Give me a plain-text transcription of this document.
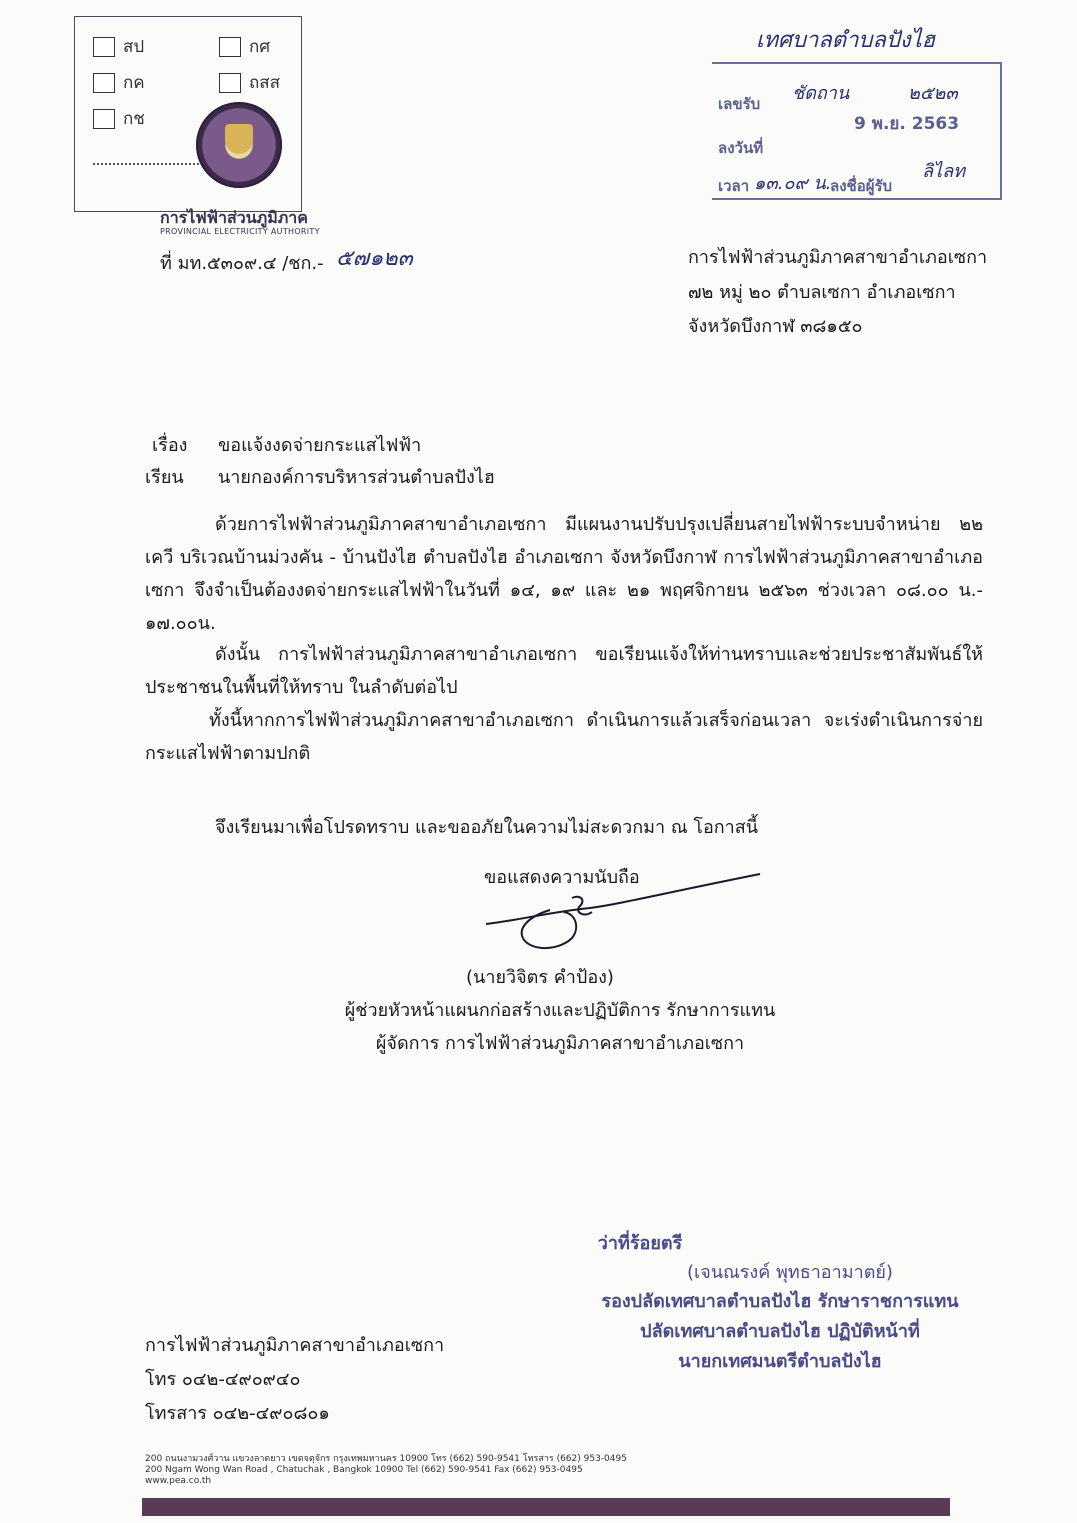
สป	กศ
กค	ถสส
กช
การไฟฟ้าส่วนภูมิภาค
PROVINCIAL ELECTRICITY AUTHORITY
ที่ มท.๕๓๐๙.๔ /ชก.- ๕๗๑๒๓
เทศบาลตำบลปังไฮ
เลขรับ ชัดถาน	๒๕๒๓
ลงวันที่
9 พ.ย. 2563
เวลา ๑๓.๐๙ น.
ลงชื่อผู้รับ
ลิไลท
การไฟฟ้าส่วนภูมิภาคสาขาอำเภอเซกา
๗๒ หมู่ ๒๐ ตำบลเซกา อำเภอเซกา
จังหวัดบึงกาฬ ๓๘๑๕๐
เรื่อง ขอแจ้งงดจ่ายกระแสไฟฟ้า
เรียน นายกองค์การบริหารส่วนตำบลปังไฮ
ด้วยการไฟฟ้าส่วนภูมิภาคสาขาอำเภอเซกา มีแผนงานปรับปรุงเปลี่ยนสายไฟฟ้าระบบจำหน่าย ๒๒ เควี บริเวณบ้านม่วงคัน - บ้านปังไฮ ตำบลปังไฮ อำเภอเซกา จังหวัดบึงกาฬ การไฟฟ้าส่วนภูมิภาคสาขาอำเภอเซกา จึงจำเป็นต้องงดจ่ายกระแสไฟฟ้าในวันที่ ๑๔, ๑๙ และ ๒๑ พฤศจิกายน ๒๕๖๓ ช่วงเวลา ๐๘.๐๐ น.- ๑๗.๐๐น.
ดังนั้น การไฟฟ้าส่วนภูมิภาคสาขาอำเภอเซกา ขอเรียนแจ้งให้ท่านทราบและช่วยประชาสัมพันธ์ให้ประชาชนในพื้นที่ให้ทราบ ในลำดับต่อไป
ทั้งนี้หากการไฟฟ้าส่วนภูมิภาคสาขาอำเภอเซกา ดำเนินการแล้วเสร็จก่อนเวลา จะเร่งดำเนินการจ่ายกระแสไฟฟ้าตามปกติ
จึงเรียนมาเพื่อโปรดทราบ และขออภัยในความไม่สะดวกมา ณ โอกาสนี้
ขอแสดงความนับถือ
(นายวิจิตร คำป้อง)
ผู้ช่วยหัวหน้าแผนกก่อสร้างและปฏิบัติการ รักษาการแทน
ผู้จัดการ การไฟฟ้าส่วนภูมิภาคสาขาอำเภอเซกา
ว่าที่ร้อยตรี
(เจนณรงค์ พุทธาอามาตย์)
รองปลัดเทศบาลตำบลปังไฮ รักษาราชการแทน
ปลัดเทศบาลตำบลปังไฮ ปฏิบัติหน้าที่
นายกเทศมนตรีตำบลปังไฮ
การไฟฟ้าส่วนภูมิภาคสาขาอำเภอเซกา
โทร ๐๔๒-๔๙๐๙๔๐
โทรสาร ๐๔๒-๔๙๐๘๐๑
200 ถนนงามวงศ์วาน แขวงลาดยาว เขตจตุจักร กรุงเทพมหานคร 10900 โทร (662) 590-9541 โทรสาร (662) 953-0495
200 Ngam Wong Wan Road , Chatuchak , Bangkok 10900 Tel (662) 590-9541 Fax (662) 953-0495
www.pea.co.th
